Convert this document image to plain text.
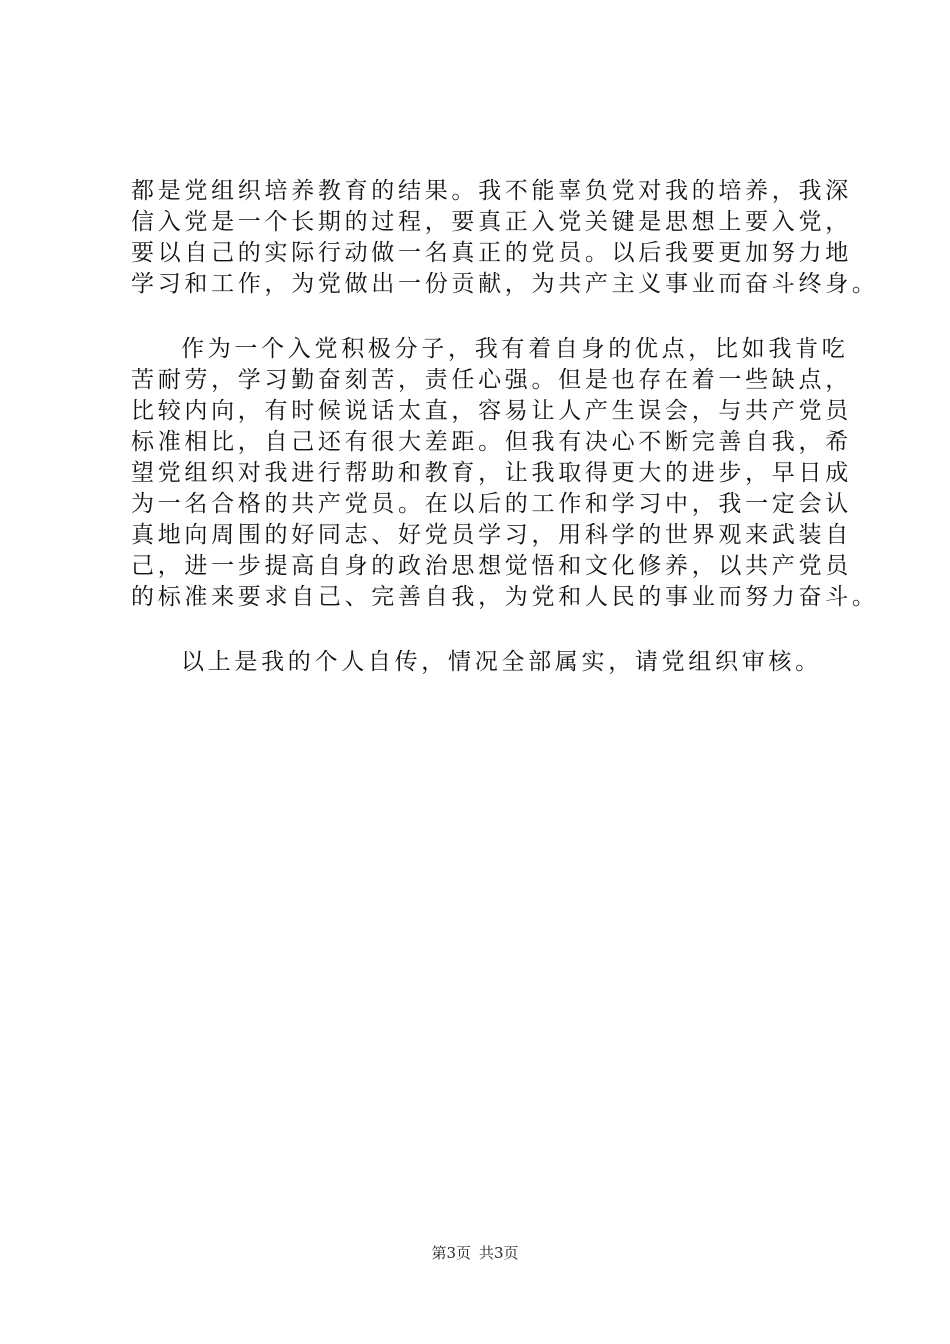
都是党组织培养教育的结果。我不能辜负党对我的培养，我深
信入党是一个长期的过程，要真正入党关键是思想上要入党，
要以自己的实际行动做一名真正的党员。以后我要更加努力地
学习和工作，为党做出一份贡献，为共产主义事业而奋斗终身。
作为一个入党积极分子，我有着自身的优点，比如我肯吃
苦耐劳，学习勤奋刻苦，责任心强。但是也存在着一些缺点，
比较内向，有时候说话太直，容易让人产生误会，与共产党员
标准相比，自己还有很大差距。但我有决心不断完善自我，希
望党组织对我进行帮助和教育，让我取得更大的进步，早日成
为一名合格的共产党员。在以后的工作和学习中，我一定会认
真地向周围的好同志、好党员学习，用科学的世界观来武装自
己，进一步提高自身的政治思想觉悟和文化修养，以共产党员
的标准来要求自己、完善自我，为党和人民的事业而努力奋斗。
以上是我的个人自传，情况全部属实，请党组织审核。
第3页 共3页
